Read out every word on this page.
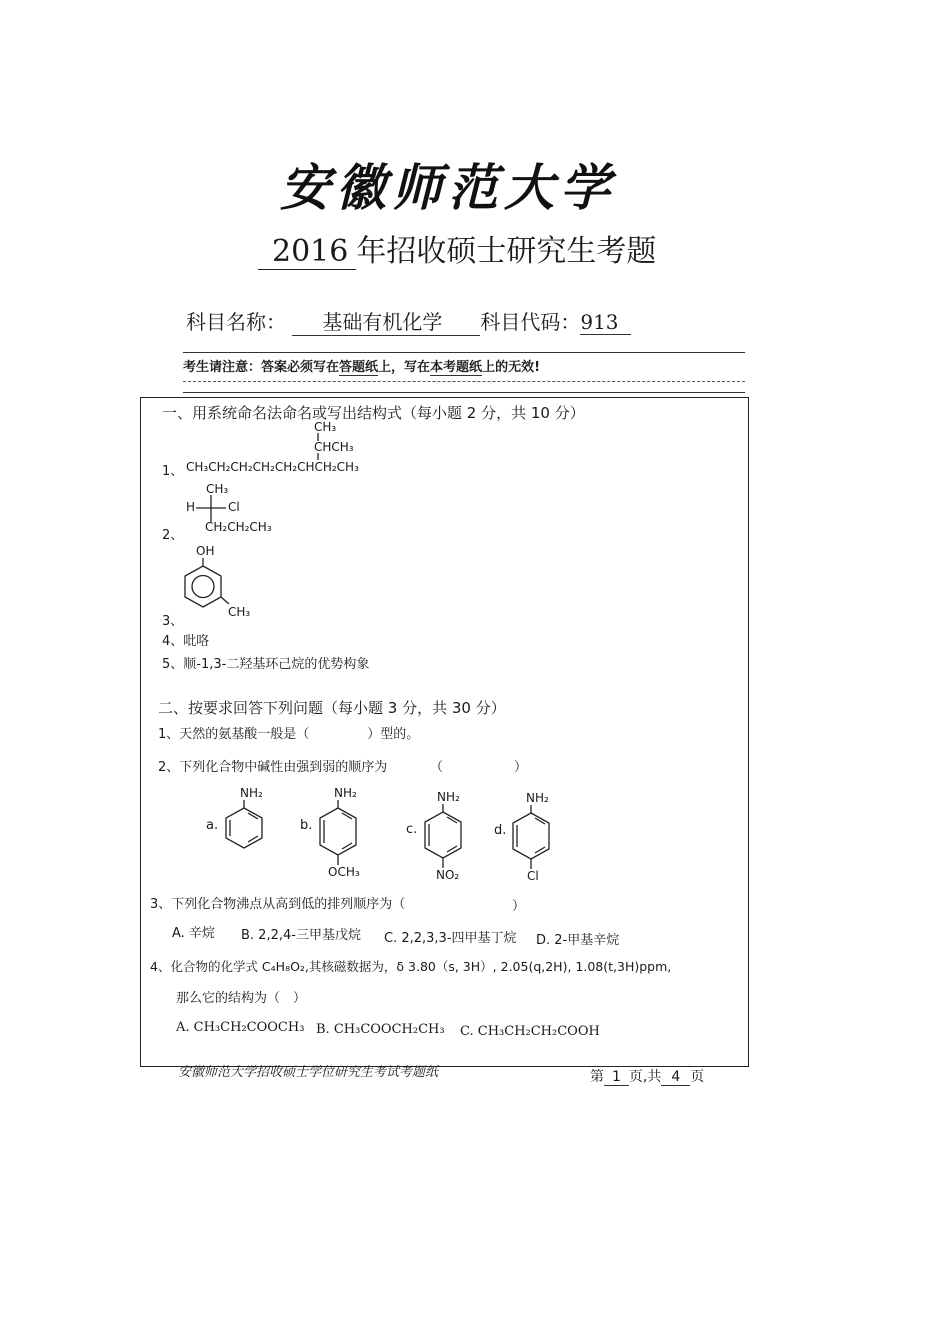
安徽师范大学
2016 年招收硕士研究生考题
科目名称： 基础有机化学 科目代码：913
考生请注意：答案必须写在答题纸上，写在本考题纸上的无效!
一、用系统命名法命名或写出结构式（每小题 2 分，共 10 分）
CH₃
CHCH₃
1、 CH₃CH₂CH₂CH₂CH₂CHCH₂CH₃
CH₃
H	Cl
2、
CH₂CH₂CH₃
OH
CH₃
3、
4、吡咯
5、顺-1,3-二羟基环己烷的优势构象
二、按要求回答下列问题（每小题 3 分，共 30 分）
1、天然的氨基酸一般是（	）型的。
2、下列化合物中碱性由强到弱的顺序为	（	）
NH₂
a.
NH₂
b.
OCH₃
NH₂
c.
NO₂
NH₂
d.
Cl
3、下列化合物沸点从高到低的排列顺序为（	）
A. 辛烷 B. 2,2,4-三甲基戊烷 C. 2,2,3,3-四甲基丁烷 D. 2-甲基辛烷
4、化合物的化学式 C₄H₈O₂,其核磁数据为，δ 3.80（s, 3H）, 2.05(q,2H), 1.08(t,3H)ppm,
那么它的结构为（　）
A. CH₃CH₂COOCH₃ B. CH₃COOCH₂CH₃ C. CH₃CH₂CH₂COOH
安徽师范大学招收硕士学位研究生考试考题纸	第 1 页,共 4 页
